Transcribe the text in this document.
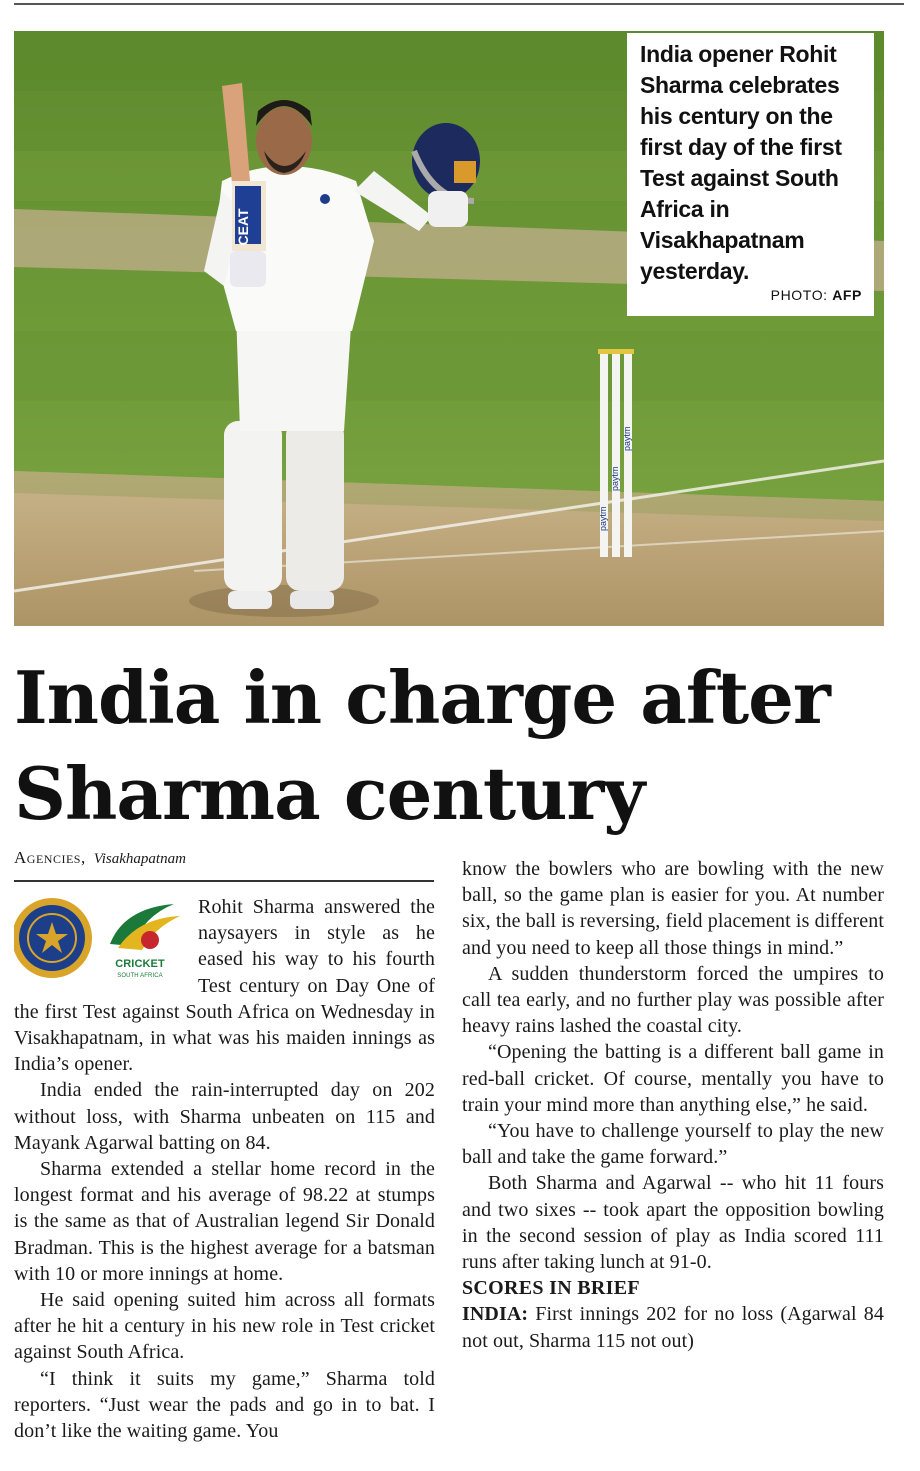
paytm
paytm
paytm
CEAT

India opener Rohit Sharma celebrates his century on the first day of the first Test against South Africa in Visakhapatnam yesterday.

PHOTO: AFP
India in charge after Sharma century
Agencies, Visakhapatnam
CRICKET
SOUTH AFRICA

Rohit Sharma answered the naysayers in style as he eased his way to his fourth Test century on Day One of the first Test against South Africa on Wednesday in Visakhapatnam, in what was his maiden innings as India’s opener.

India ended the rain-interrupted day on 202 without loss, with Sharma unbeaten on 115 and Mayank Agarwal batting on 84.

Sharma extended a stellar home record in the longest format and his average of 98.22 at stumps is the same as that of Australian legend Sir Donald Bradman. This is the highest average for a batsman with 10 or more innings at home.

He said opening suited him across all formats after he hit a century in his new role in Test cricket against South Africa.

“I think it suits my game,” Sharma told reporters. “Just wear the pads and go in to bat. I don’t like the waiting game. You

know the bowlers who are bowling with the new ball, so the game plan is easier for you. At number six, the ball is reversing, field placement is different and you need to keep all those things in mind.”

A sudden thunderstorm forced the umpires to call tea early, and no further play was possible after heavy rains lashed the coastal city.

“Opening the batting is a different ball game in red-ball cricket. Of course, mentally you have to train your mind more than anything else,” he said.

“You have to challenge yourself to play the new ball and take the game forward.”

Both Sharma and Agarwal -- who hit 11 fours and two sixes -- took apart the opposition bowling in the second session of play as India scored 111 runs after taking lunch at 91-0.

SCORES IN BRIEF

INDIA: First innings 202 for no loss (Agarwal 84 not out, Sharma 115 not out)
